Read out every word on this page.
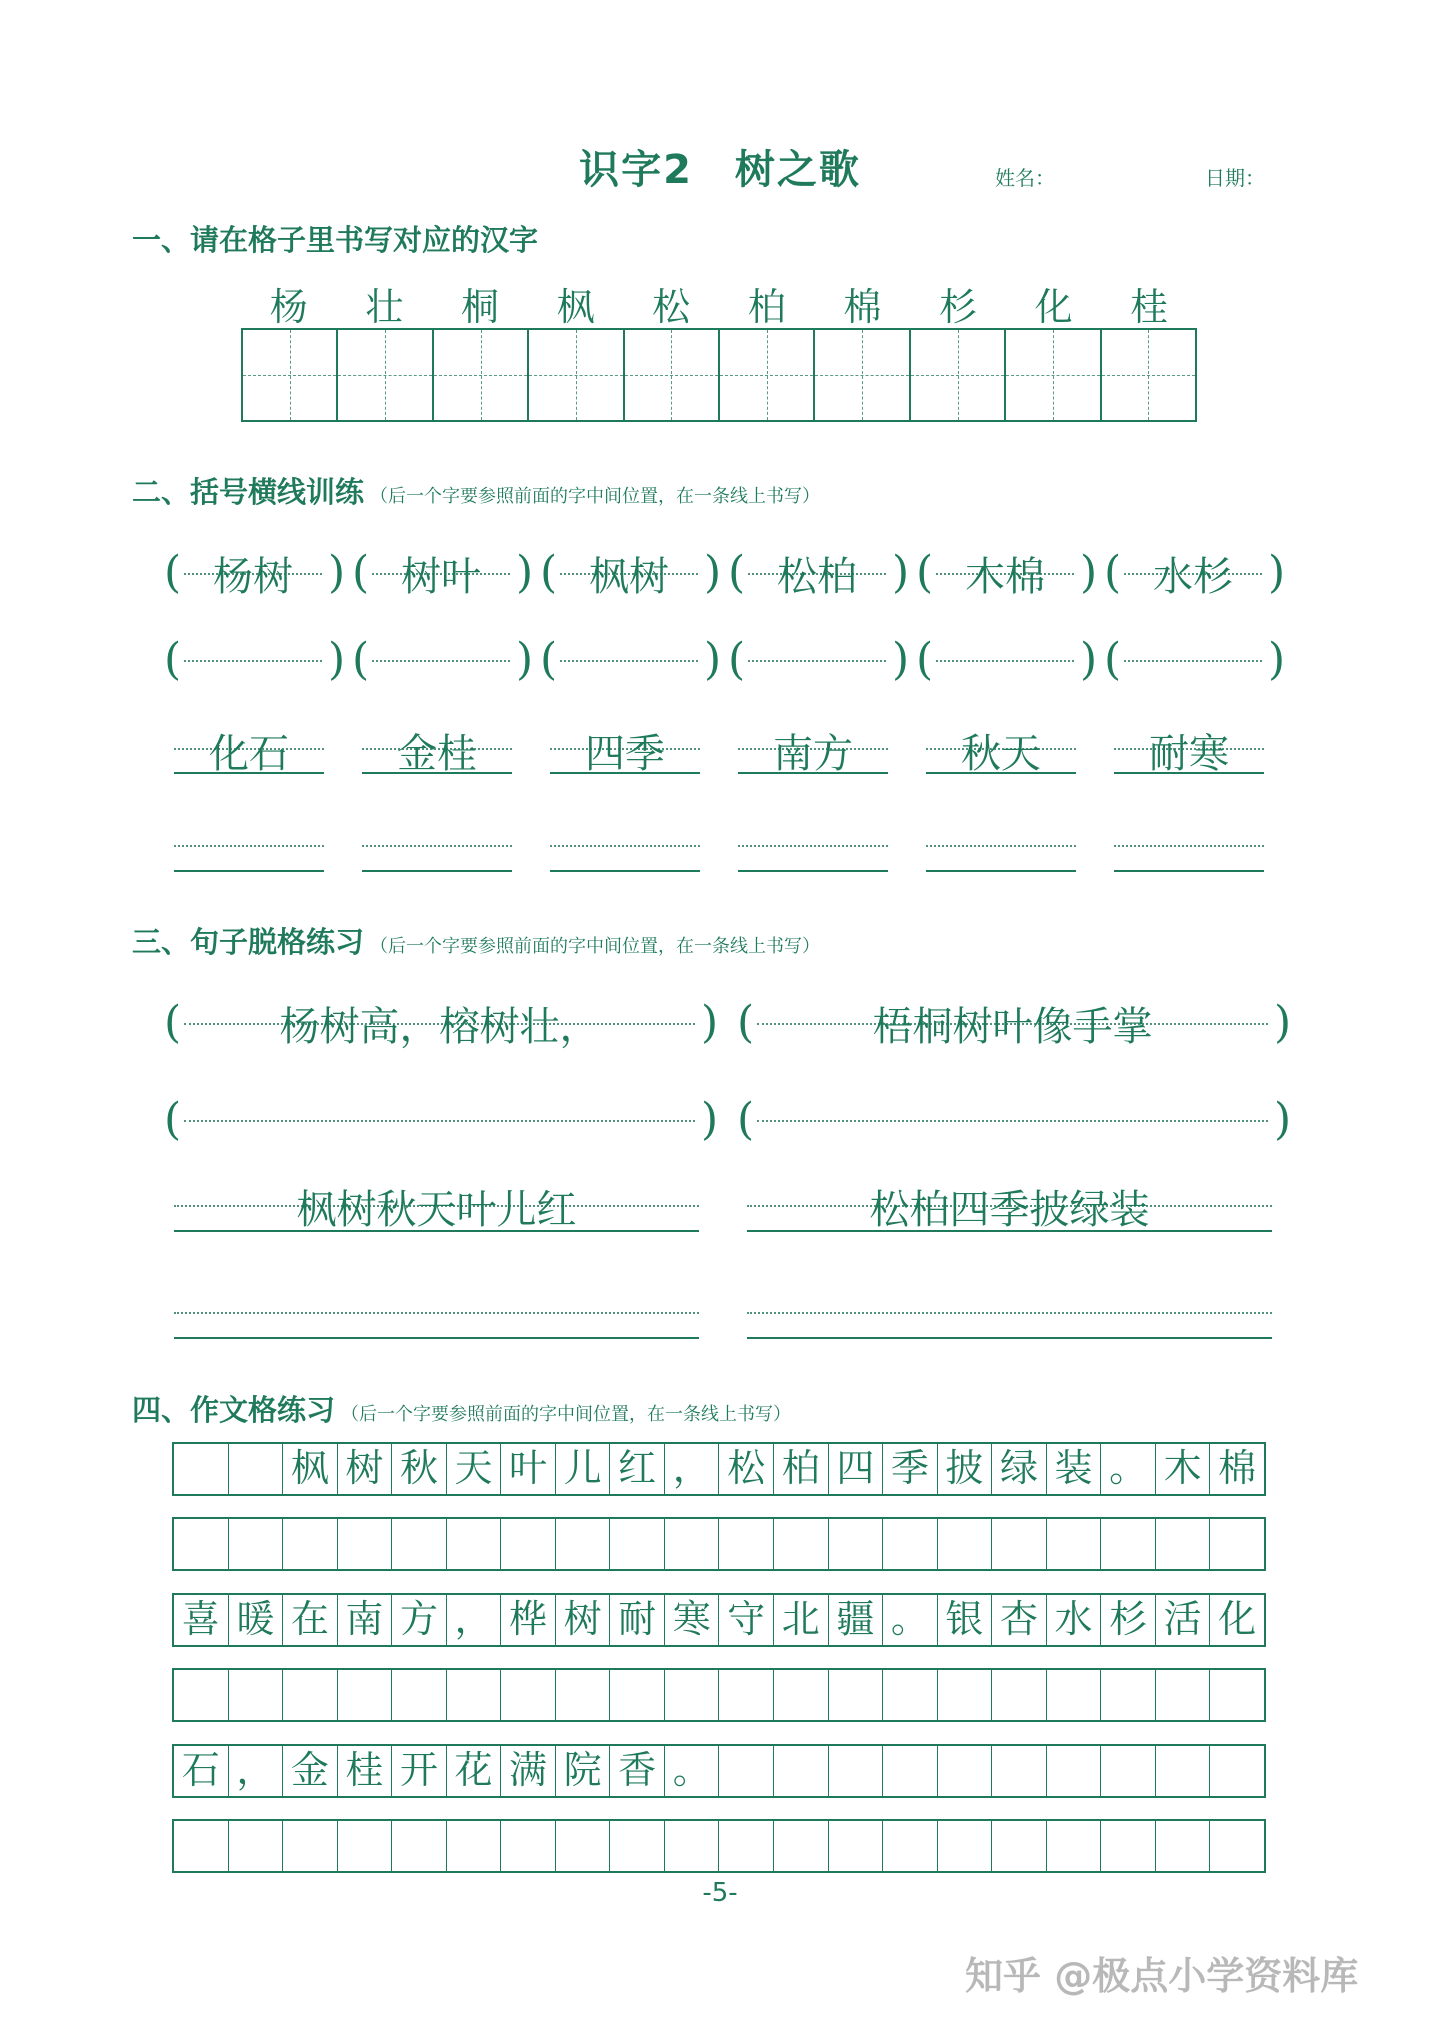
识字2　树之歌	姓名：	日期：
一、请在格子里书写对应的汉字
杨	壮	桐	枫	松	柏	棉	杉	化	桂
二、括号横线训练 （后一个字要参照前面的字中间位置，在一条线上书写）
(	)
杨树
(	)
(	)
树叶
(	)
(	)
枫树
(	)
(	)
松柏
(	)
(	)
木棉
(	)
(	)
水杉
(	)
化石	金桂	四季	南方	秋天	耐寒
三、句子脱格练习 （后一个字要参照前面的字中间位置，在一条线上书写）
(	)
杨树高，榕树壮，
(	)
(	)
梧桐树叶像手掌
(	)
枫树秋天叶儿红	松柏四季披绿装
四、作文格练习 （后一个字要参照前面的字中间位置，在一条线上书写）
枫 树 秋 天 叶 儿 红 ， 松 柏 四 季 披 绿 装 。 木 棉
喜 暖 在 南 方 ， 桦 树 耐 寒 守 北 疆 。 银 杏 水 杉 活 化
石 ， 金 桂 开 花 满 院 香 。
-5-
知乎 @极点小学资料库
